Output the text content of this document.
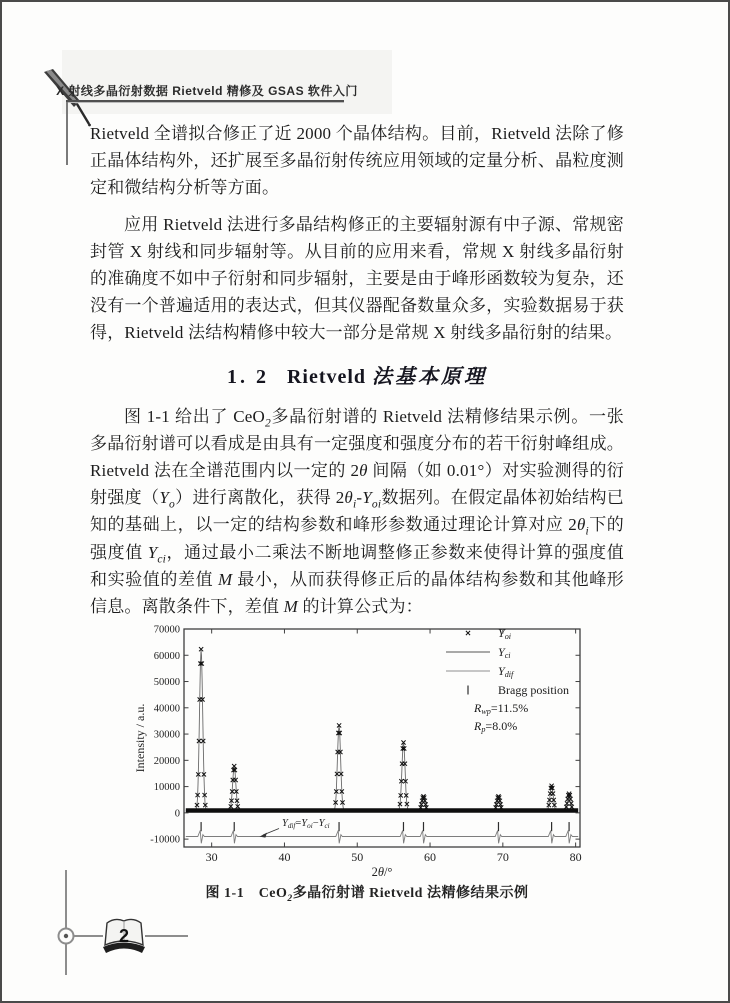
X 射线多晶衍射数据 Rietveld 精修及 GSAS 软件入门

Rietveld 全谱拟合修正了近 2000 个晶体结构。目前，Rietveld 法除了修正晶体结构外，还扩展至多晶衍射传统应用领域的定量分析、晶粒度测定和微结构分析等方面。

应用 Rietveld 法进行多晶结构修正的主要辐射源有中子源、常规密封管 X 射线和同步辐射等。从目前的应用来看，常规 X 射线多晶衍射的准确度不如中子衍射和同步辐射，主要是由于峰形函数较为复杂，还没有一个普遍适用的表达式，但其仪器配备数量众多，实验数据易于获得，Rietveld 法结构精修中较大一部分是常规 X 射线多晶衍射的结果。

1. 2 Rietveld 法基本原理

图 1-1 给出了 CeO$_2$多晶衍射谱的 Rietveld 法精修结果示例。一张多晶衍射谱可以看成是由具有一定强度和强度分布的若干衍射峰组成。Rietveld 法在全谱范围内以一定的 2θ 间隔（如 0.01°）对实验测得的衍射强度$(Y_o)$进行离散化，获得 $2\theta_i-Y_{oi}$数据列。在假定晶体初始结构已知的基础上，以一定的结构参数和峰形参数通过理论计算对应 $2\theta_i$下的强度值 $Y_{ci}$，通过最小二乘法不断地调整修正参数来使得计算的强度值和实验值的差值 M 最小，从而获得修正后的晶体结构参数和其他峰形信息。离散条件下，差值 M 的计算公式为：

-10000
0
10000
20000
30000
40000
50000
60000
70000
30	40	50	60	70	80
Intensity / a.u.
2θ/°
Yoi
Yci
Ydif
Bragg position
Rwp=11.5%
Rp=8.0%
Ydif=Yoi−Yci
图 1-1　CeO$_2$多晶衍射谱 Rietveld 法精修结果示例
2
